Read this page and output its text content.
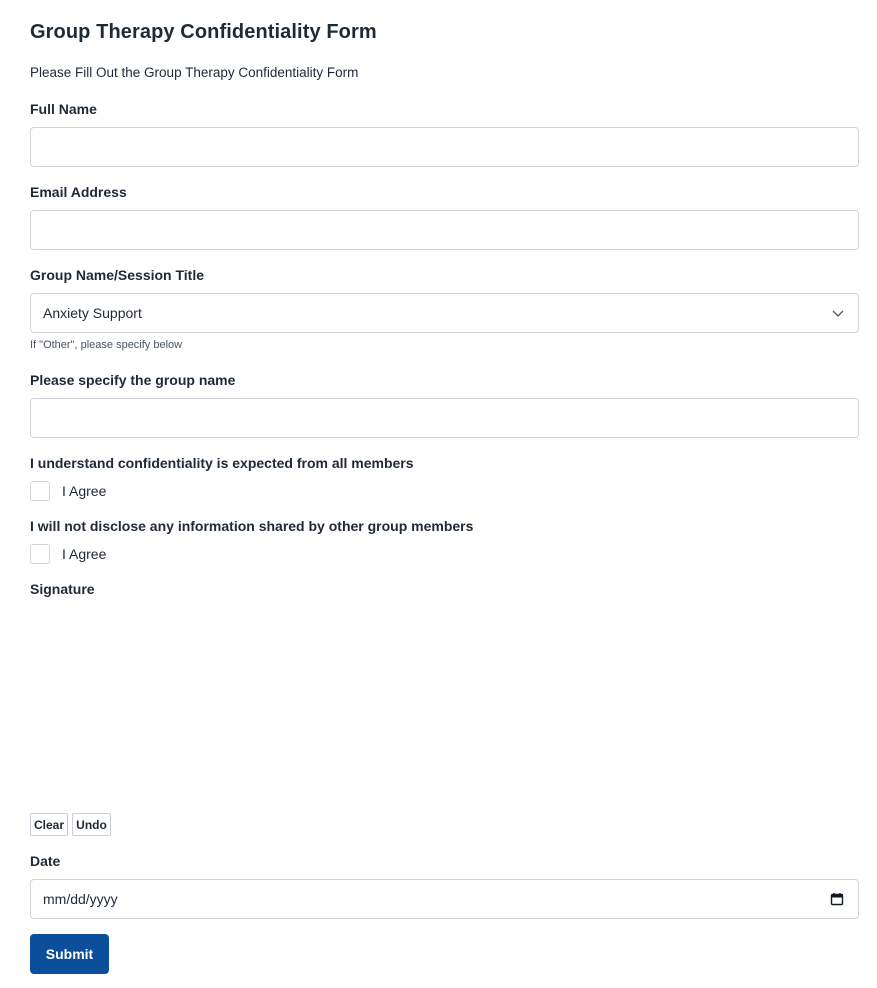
Group Therapy Confidentiality Form
Please Fill Out the Group Therapy Confidentiality Form
Full Name
Email Address
Group Name/Session Title
Anxiety Support
If "Other", please specify below
Please specify the group name
I understand confidentiality is expected from all members
I Agree
I will not disclose any information shared by other group members
I Agree
Signature
Clear	Undo
Date
mm/dd/yyyy
Submit
